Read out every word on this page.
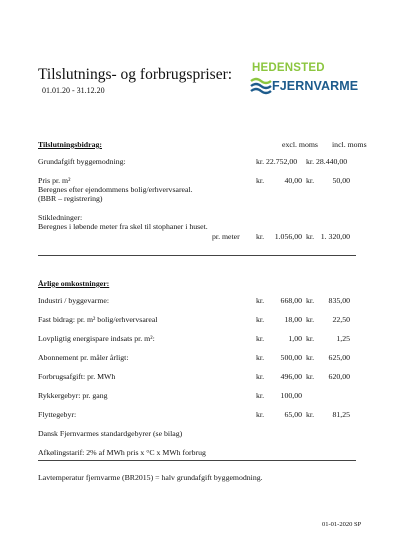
Tilslutnings- og forbrugspriser:
01.01.20 - 31.12.20
HEDENSTED
FJERNVARME
Tilslutningsbidrag:	excl. moms incl. moms
Grundafgift byggemodning:	kr. 22.752,00 kr. 28.440,00
Pris pr. m²	kr.	40,00 kr.	50,00
Beregnes efter ejendommens bolig/erhvervsareal.
(BBR – registrering)
Stikledninger:
Beregnes i løbende meter fra skel til stophaner i huset.
pr. meter kr.	1.056,00 kr. 1. 320,00
Årlige omkostninger:
Industri / byggevarme:	kr.	668,00 kr.	835,00
Fast bidrag: pr. m² bolig/erhvervsareal	kr.	18,00 kr.	22,50
Lovpligtig energispare indsats pr. m²:	kr.	1,00 kr.	1,25
Abonnement pr. måler årligt:	kr.	500,00 kr.	625,00
Forbrugsafgift: pr. MWh	kr.	496,00 kr.	620,00
Rykkergebyr: pr. gang	kr.	100,00
Flyttegebyr:	kr.	65,00 kr.	81,25
Dansk Fjernvarmes standardgebyrer (se bilag)
Afkølingstarif: 2% af MWh pris x °C x MWh forbrug
Lavtemperatur fjernvarme (BR2015) = halv grundafgift byggemodning.
01-01-2020 SP
